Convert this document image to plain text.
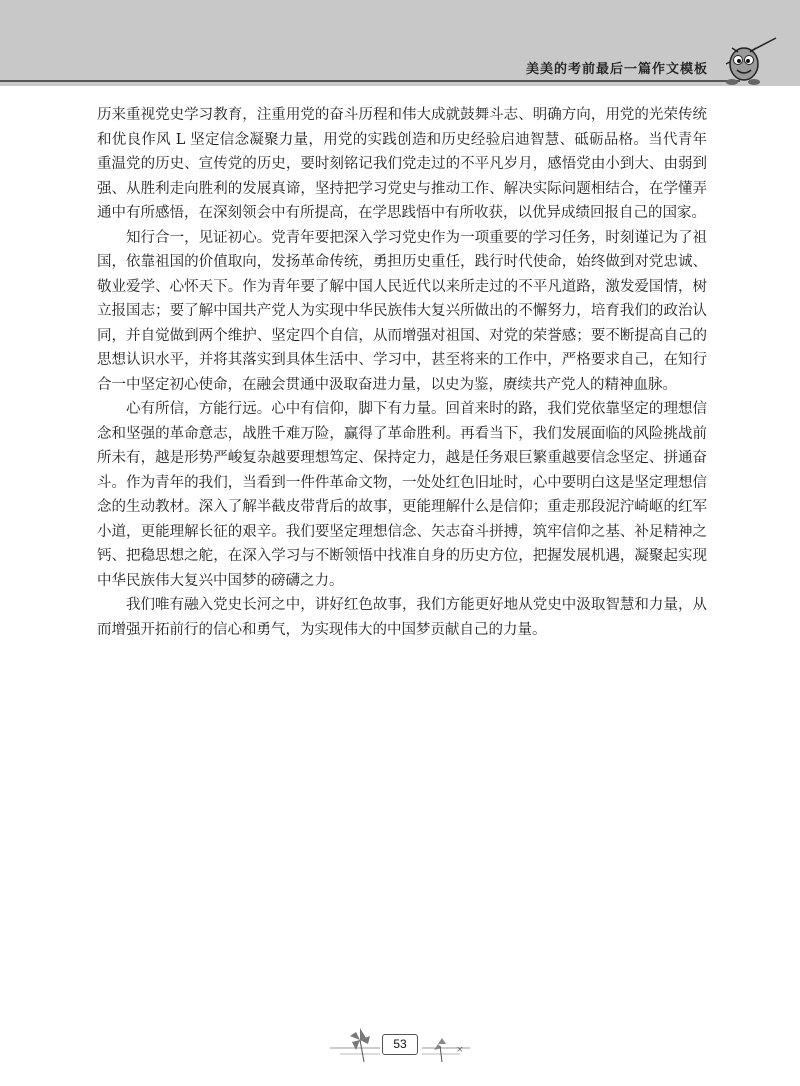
美美的考前最后一篇作文模板

历来重视党史学习教育，注重用党的奋斗历程和伟大成就鼓舞斗志、明确方向，用党的光荣传统和优良作风 L 坚定信念凝聚力量，用党的实践创造和历史经验启迪智慧、砥砺品格。当代青年重温党的历史、宣传党的历史，要时刻铭记我们党走过的不平凡岁月，感悟党由小到大、由弱到强、从胜利走向胜利的发展真谛，坚持把学习党史与推动工作、解决实际问题相结合，在学懂弄通中有所感悟，在深刻领会中有所提高，在学思践悟中有所收获，以优异成绩回报自己的国家。

知行合一，见证初心。党青年要把深入学习党史作为一项重要的学习任务，时刻谨记为了祖国，依靠祖国的价值取向，发扬革命传统，勇担历史重任，践行时代使命，始终做到对党忠诚、敬业爱学、心怀天下。作为青年要了解中国人民近代以来所走过的不平凡道路，激发爱国情，树立报国志；要了解中国共产党人为实现中华民族伟大复兴所做出的不懈努力，培育我们的政治认同，并自觉做到两个维护、坚定四个自信，从而增强对祖国、对党的荣誉感；要不断提高自己的思想认识水平，并将其落实到具体生活中、学习中，甚至将来的工作中，严格要求自己，在知行合一中坚定初心使命，在融会贯通中汲取奋进力量，以史为鉴，赓续共产党人的精神血脉。

心有所信，方能行远。心中有信仰，脚下有力量。回首来时的路，我们党依靠坚定的理想信念和坚强的革命意志，战胜千难万险，赢得了革命胜利。再看当下，我们发展面临的风险挑战前所未有，越是形势严峻复杂越要理想笃定、保持定力，越是任务艰巨繁重越要信念坚定、拼通奋斗。作为青年的我们，当看到一件件革命文物，一处处红色旧址时，心中要明白这是坚定理想信念的生动教材。深入了解半截皮带背后的故事，更能理解什么是信仰；重走那段泥泞崎岖的红军小道，更能理解长征的艰辛。我们要坚定理想信念、矢志奋斗拼搏，筑牢信仰之基、补足精神之钙、把稳思想之舵，在深入学习与不断领悟中找准自身的历史方位，把握发展机遇，凝聚起实现中华民族伟大复兴中国梦的磅礴之力。

我们唯有融入党史长河之中，讲好红色故事，我们方能更好地从党史中汲取智慧和力量，从而增强开拓前行的信心和勇气，为实现伟大的中国梦贡献自己的力量。

×
53
